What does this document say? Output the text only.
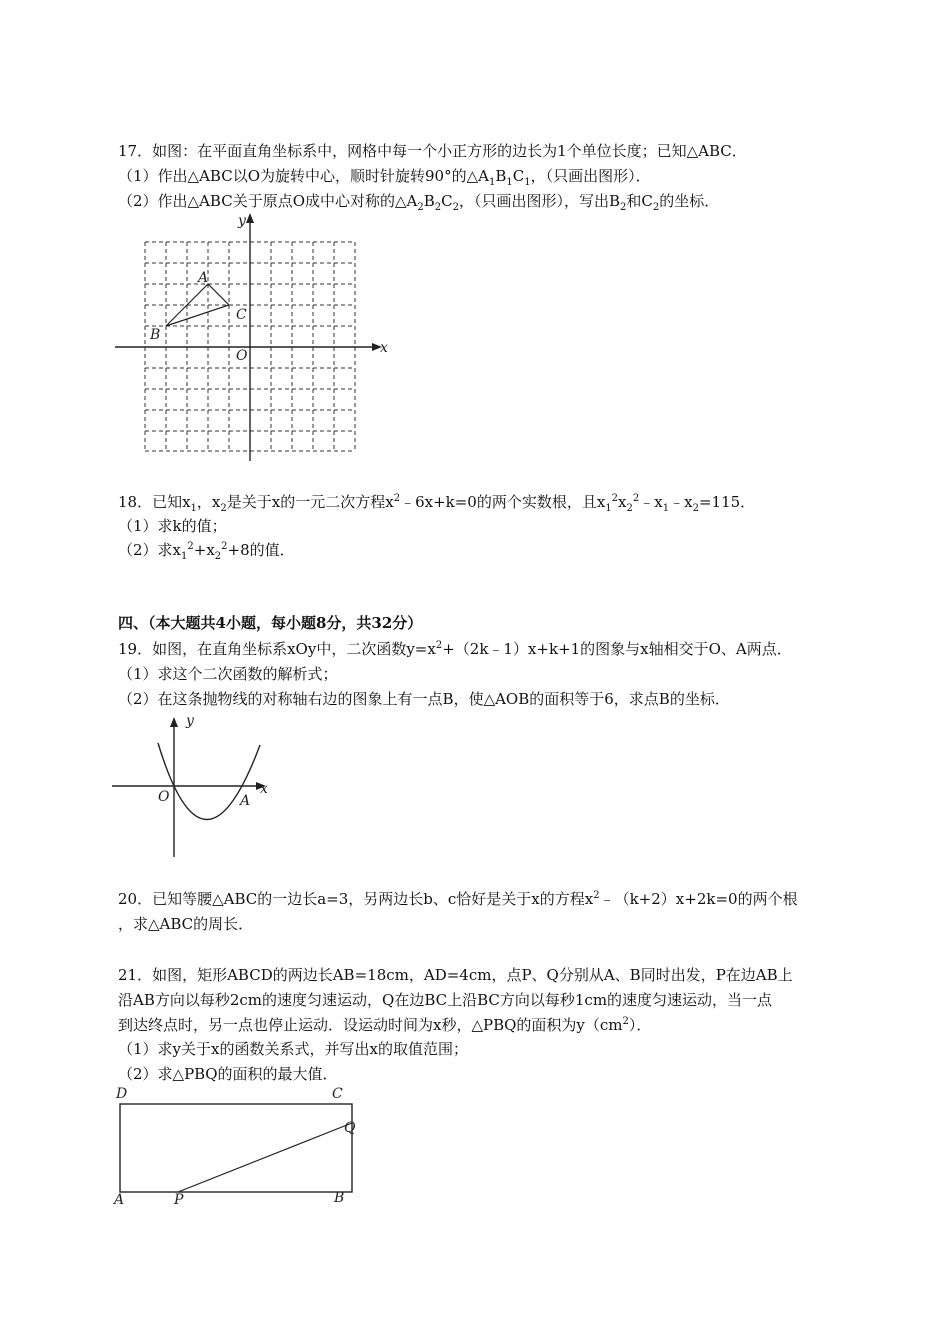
17．如图：在平面直角坐标系中，网格中每一个小正方形的边长为1个单位长度；已知△ABC．
（1）作出△ABC以O为旋转中心，顺时针旋转90°的$\triangle A_1B_1C_1$，（只画出图形）．
（2）作出△ABC关于原点O成中心对称的$\triangle A_2B_2C_2$，（只画出图形），写出$B_2$和$C_2$的坐标．
y
x
A
B
C
O
18．已知$x_1$，$x_2$是关于x的一元二次方程$x^2﹣6x+k=0$的两个实数根，且$x_1^2x_2^2﹣x_1﹣x_2=115$．
（1）求k的值；
（2）求$x_1^2+x_2^2+8$的值．
四、（本大题共4小题，每小题8分，共32分）
19．如图，在直角坐标系xOy中，二次函数$y=x^2+(2k﹣1)x+k+1$的图象与x轴相交于O、A两点．
（1）求这个二次函数的解析式；
（2）在这条抛物线的对称轴右边的图象上有一点B，使△AOB的面积等于6，求点B的坐标．
y
x
O	A
20．已知等腰△ABC的一边长a=3，另两边长b、c恰好是关于x的方程$x^2﹣(k+2)x+2k=0$的两个根
，求△ABC的周长．
21．如图，矩形ABCD的两边长AB=18cm，AD=4cm，点P、Q分别从A、B同时出发，P在边AB上
沿AB方向以每秒2cm的速度匀速运动，Q在边BC上沿BC方向以每秒1cm的速度匀速运动，当一点
到达终点时，另一点也停止运动．设运动时间为x秒，△PBQ的面积为$y(cm^2)$．
（1）求y关于x的函数关系式，并写出x的取值范围；
（2）求△PBQ的面积的最大值．
D	C
Q
A	P	B
